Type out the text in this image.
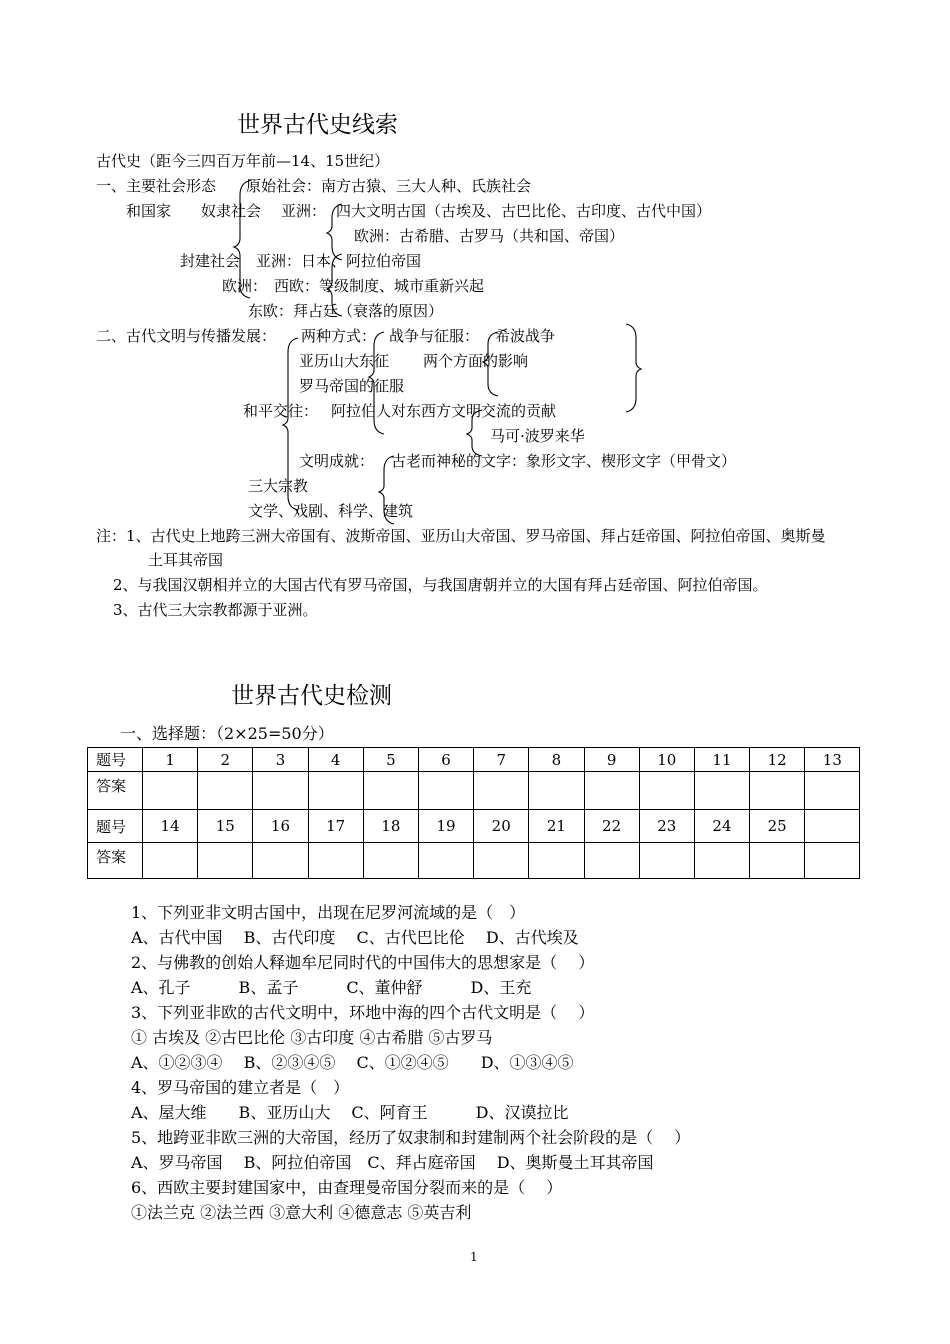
世界古代史线索
古代史（距今三四百万年前—14、15世纪）
一、主要社会形态
和国家
原始社会：南方古猿、三大人种、氏族社会
奴隶社会 亚洲： 四大文明古国（古埃及、古巴比伦、古印度、古代中国）
欧洲：古希腊、古罗马（共和国、帝国）
封建社会 亚洲：日本、阿拉伯帝国
欧洲： 西欧：等级制度、城市重新兴起
东欧：拜占廷（衰落的原因）
二、古代文明与传播发展： 两种方式： 战争与征服： 希波战争
亚历山大东征 两个方面的影响
罗马帝国的征服
和平交往： 阿拉伯人对东西方文明交流的贡献
马可·波罗来华
文明成就： 古老而神秘的文字：象形文字、楔形文字（甲骨文）
三大宗教
文学、戏剧、科学、建筑
注：1、古代史上地跨三洲大帝国有、波斯帝国、亚历山大帝国、罗马帝国、拜占廷帝国、阿拉伯帝国、奥斯曼
土耳其帝国
2、与我国汉朝相并立的大国古代有罗马帝国，与我国唐朝并立的大国有拜占廷帝国、阿拉伯帝国。
3、古代三大宗教都源于亚洲。
世界古代史检测
一、选择题：（2×25=50分）
题号	1	2	3	4	5	6	7	8	9	10	11	12	13
答案													
题号	14	15	16	17	18	19	20	21	22	23	24	25	
答案													
1、下列亚非文明古国中，出现在尼罗河流域的是（　）
A、古代中国　 B、古代印度　 C、古代巴比伦　 D、古代埃及
2、与佛教的创始人释迦牟尼同时代的中国伟大的思想家是（　 ）
A、孔子　　　B、孟子　　　C、董仲舒　　　D、王充
3、下列亚非欧的古代文明中，环地中海的四个古代文明是（　 ）
① 古埃及 ②古巴比伦 ③古印度 ④古希腊 ⑤古罗马
A、①②③④　 B、②③④⑤　 C、①②④⑤　　D、①③④⑤
4、罗马帝国的建立者是（　）
A、屋大维　　B、亚历山大　 C、阿育王　　　D、汉谟拉比
5、地跨亚非欧三洲的大帝国，经历了奴隶制和封建制两个社会阶段的是（　 ）
A、罗马帝国　 B、阿拉伯帝国　C、拜占庭帝国　 D、奥斯曼土耳其帝国
6、西欧主要封建国家中，由查理曼帝国分裂而来的是（　 ）
①法兰克 ②法兰西 ③意大利 ④德意志 ⑤英吉利
1
